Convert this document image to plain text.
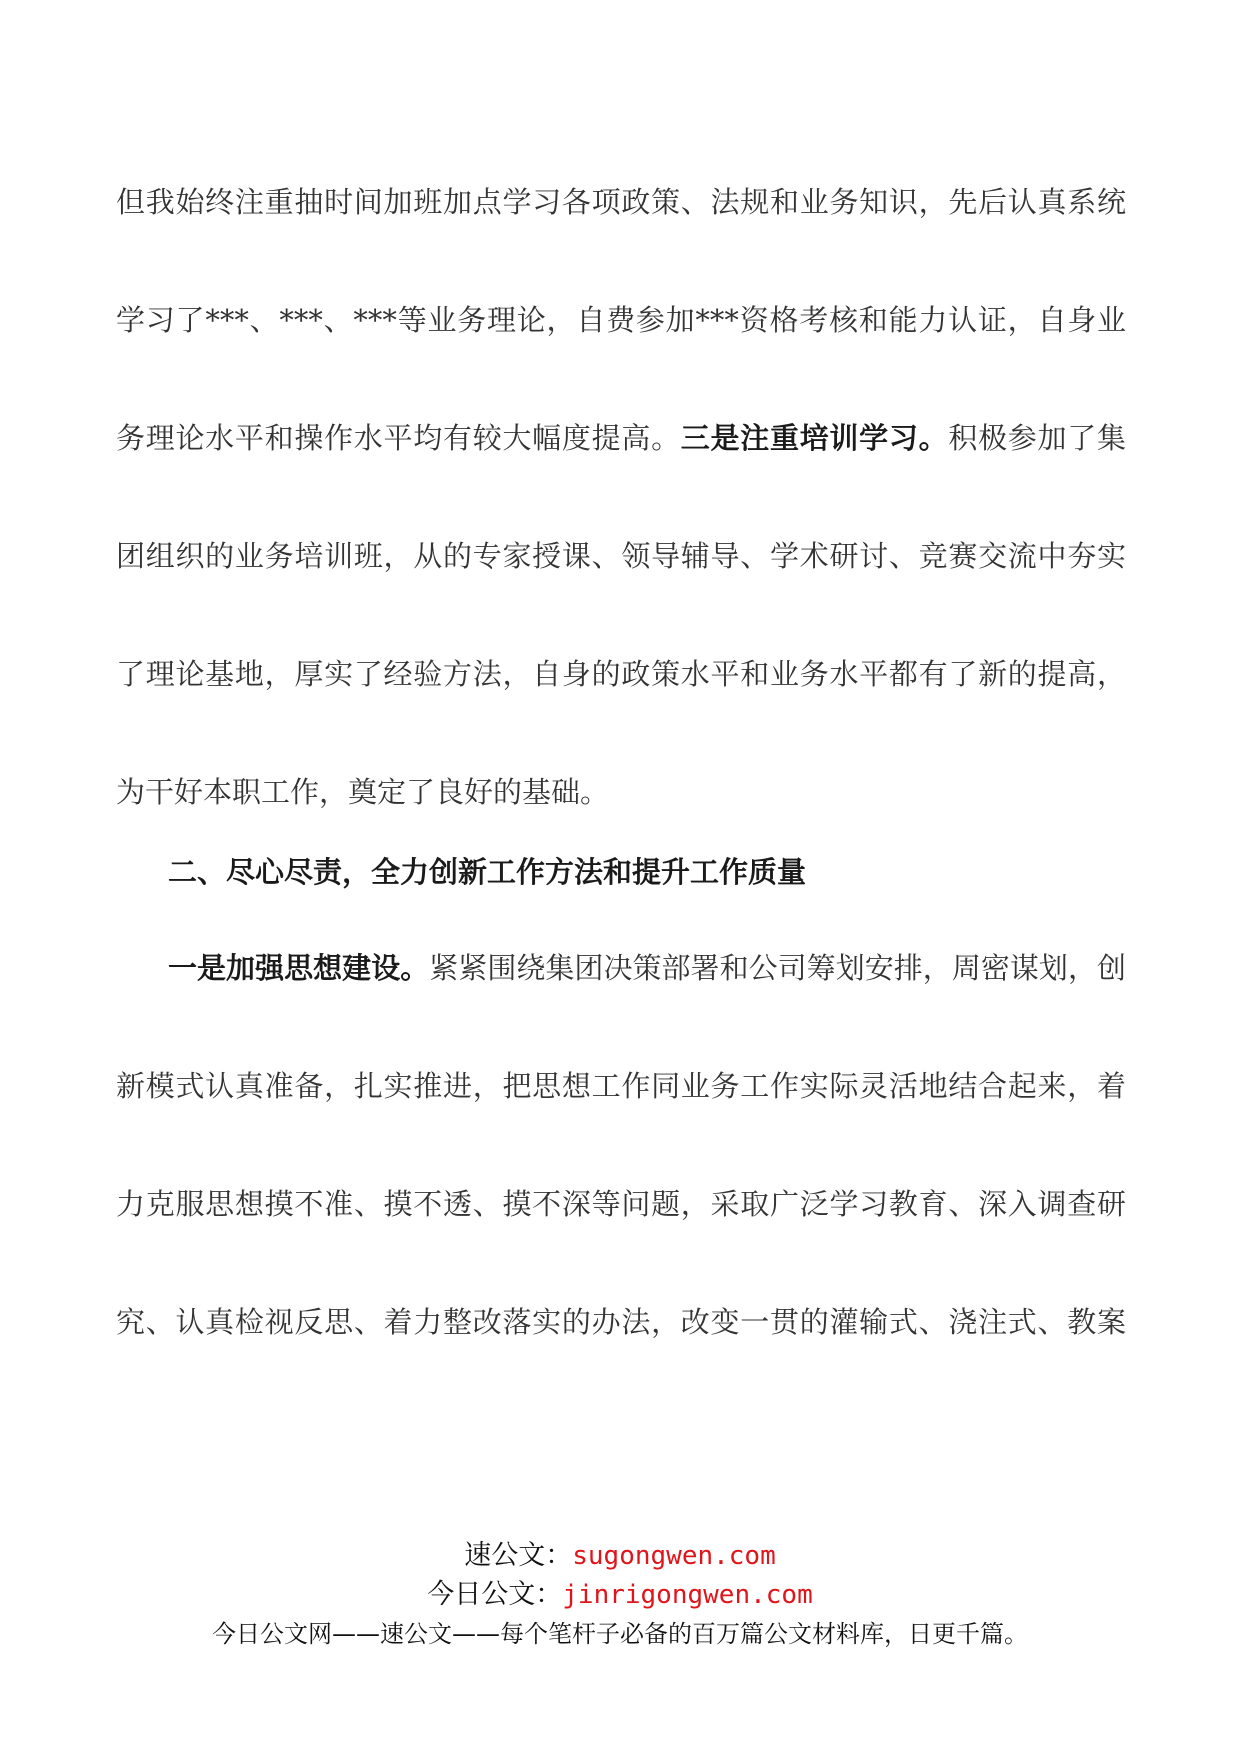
但我始终注重抽时间加班加点学习各项政策、法规和业务知识，先后认真系统
学习了***、***、***等业务理论，自费参加***资格考核和能力认证，自身业
务理论水平和操作水平均有较大幅度提高。三是注重培训学习。积极参加了集
团组织的业务培训班，从的专家授课、领导辅导、学术研讨、竞赛交流中夯实
了理论基地，厚实了经验方法，自身的政策水平和业务水平都有了新的提高，
为干好本职工作，奠定了良好的基础。
二、尽心尽责，全力创新工作方法和提升工作质量
一是加强思想建设。紧紧围绕集团决策部署和公司筹划安排，周密谋划，创
新模式认真准备，扎实推进，把思想工作同业务工作实际灵活地结合起来，着
力克服思想摸不准、摸不透、摸不深等问题，采取广泛学习教育、深入调查研
究、认真检视反思、着力整改落实的办法，改变一贯的灌输式、浇注式、教案
速公文：sugongwen.com
今日公文：jinrigongwen.com
今日公文网——速公文——每个笔杆子必备的百万篇公文材料库，日更千篇。
